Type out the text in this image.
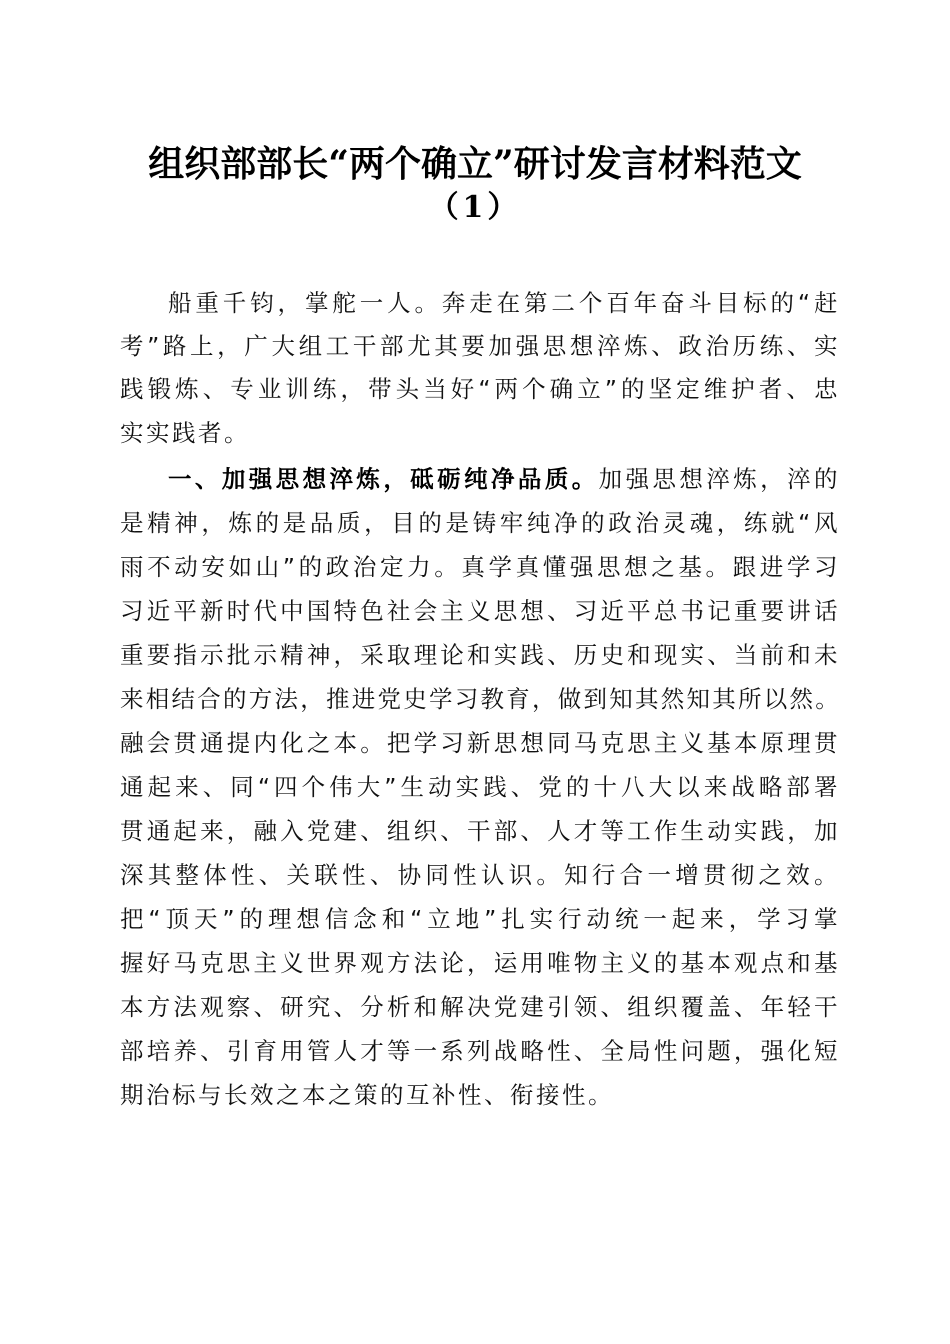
组织部部长“两个确立”研讨发言材料范文
（1）
船重千钧，掌舵一人。奔走在第二个百年奋斗目标的“赶
考”路上，广大组工干部尤其要加强思想淬炼、政治历练、实
践锻炼、专业训练，带头当好“两个确立”的坚定维护者、忠
实实践者。
一、加强思想淬炼，砥砺纯净品质。加强思想淬炼，淬的
是精神，炼的是品质，目的是铸牢纯净的政治灵魂，练就“风
雨不动安如山”的政治定力。真学真懂强思想之基。跟进学习
习近平新时代中国特色社会主义思想、习近平总书记重要讲话
重要指示批示精神，采取理论和实践、历史和现实、当前和未
来相结合的方法，推进党史学习教育，做到知其然知其所以然。
融会贯通提内化之本。把学习新思想同马克思主义基本原理贯
通起来、同“四个伟大”生动实践、党的十八大以来战略部署
贯通起来，融入党建、组织、干部、人才等工作生动实践，加
深其整体性、关联性、协同性认识。知行合一增贯彻之效。
把“顶天”的理想信念和“立地”扎实行动统一起来，学习掌
握好马克思主义世界观方法论，运用唯物主义的基本观点和基
本方法观察、研究、分析和解决党建引领、组织覆盖、年轻干
部培养、引育用管人才等一系列战略性、全局性问题，强化短
期治标与长效之本之策的互补性、衔接性。
